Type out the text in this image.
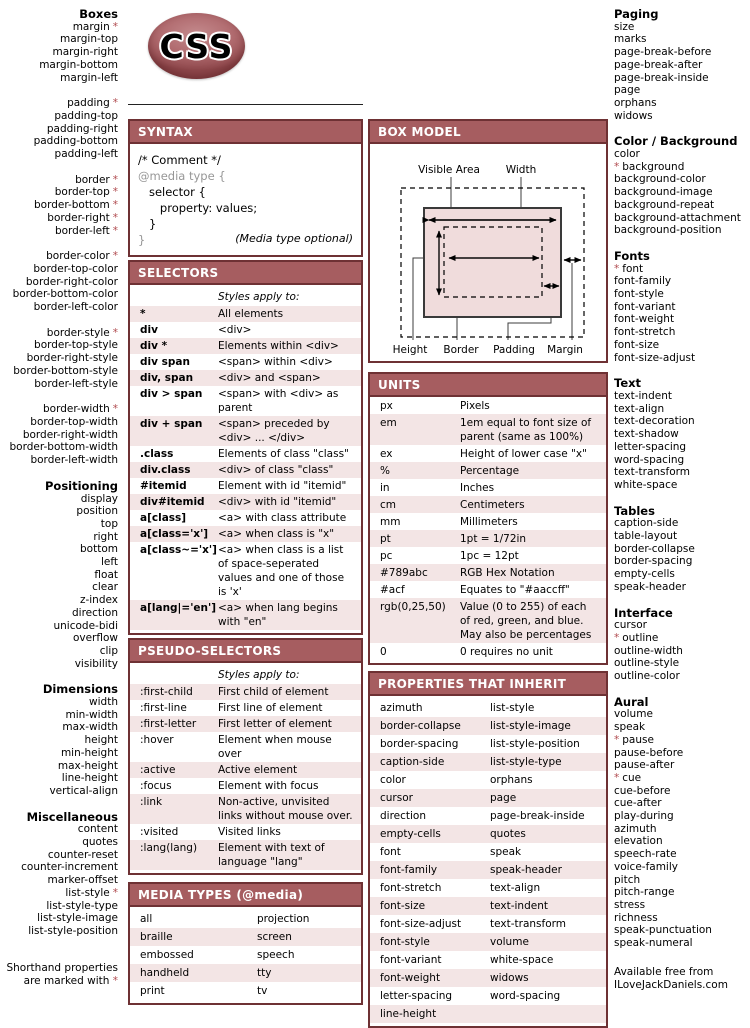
CSS
Boxes
margin *
margin-top
margin-right
margin-bottom
margin-left
padding *
padding-top
padding-right
padding-bottom
padding-left
border *
border-top *
border-bottom *
border-right *
border-left *
border-color *
border-top-color
border-right-color
border-bottom-color
border-left-color
border-style *
border-top-style
border-right-style
border-bottom-style
border-left-style
border-width *
border-top-width
border-right-width
border-bottom-width
border-left-width
Positioning
display
position
top
right
bottom
left
float
clear
z-index
direction
unicode-bidi
overflow
clip
visibility
Dimensions
width
min-width
max-width
height
min-height
max-height
line-height
vertical-align
Miscellaneous
content
quotes
counter-reset
counter-increment
marker-offset
list-style *
list-style-type
list-style-image
list-style-position
Shorthand properties
are marked with *
Paging
size
marks
page-break-before
page-break-after
page-break-inside
page
orphans
widows
Color / Background
color
* background
background-color
background-image
background-repeat
background-attachment
background-position
Fonts
* font
font-family
font-style
font-variant
font-weight
font-stretch
font-size
font-size-adjust
Text
text-indent
text-align
text-decoration
text-shadow
letter-spacing
word-spacing
text-transform
white-space
Tables
caption-side
table-layout
border-collapse
border-spacing
empty-cells
speak-header
Interface
cursor
* outline
outline-width
outline-style
outline-color
Aural
volume
speak
* pause
pause-before
pause-after
* cue
cue-before
cue-after
play-during
azimuth
elevation
speech-rate
voice-family
pitch
pitch-range
stress
richness
speak-punctuation
speak-numeral
Available free from
ILoveJackDaniels.com
SYNTAX
(Media type optional)
/* Comment */
@media type {
selector {
property: values;
}
}
SELECTORS
Styles apply to:
*	All elements
div	<div>
div *	Elements within <div>
div span	<span> within <div>
div, span	<div> and <span>
div > span	<span> with <div> as parent
div + span	<span> preceded by <div> ... </div>
.class	Elements of class "class"
div.class	<div> of class "class"
#itemid	Element with id "itemid"
div#itemid	<div> with id "itemid"
a[class]	<a> with class attribute
a[class='x'] <a> when class is "x"
a[class~='x'] <a> when class is a list of space-seperated values and one of those is 'x'
a[lang|='en'] <a> when lang begins with "en"
PSEUDO-SELECTORS
Styles apply to:
:first-child	First child of element
:first-line	First line of element
:first-letter	First letter of element
:hover	Element when mouse over
:active	Active element
:focus	Element with focus
:link	Non-active, unvisited links without mouse over.
:visited	Visited links
:lang(lang)	Element with text of language "lang"
MEDIA TYPES (@media)
all	projection
braille	screen
embossed	speech
handheld	tty
print	tv
BOX MODEL
Visible Area Width
Height Border Padding Margin
UNITS
px	Pixels
em	1em equal to font size of parent (same as 100%)
ex	Height of lower case "x"
%	Percentage
in	Inches
cm	Centimeters
mm	Millimeters
pt	1pt = 1/72in
pc	1pc = 12pt
#789abc	RGB Hex Notation
#acf	Equates to "#aaccff"
rgb(0,25,50)	Value (0 to 255) of each of red, green, and blue. May also be percentages
0	0 requires no unit
PROPERTIES THAT INHERIT
azimuth	list-style
border-collapse	list-style-image
border-spacing	list-style-position
caption-side	list-style-type
color	orphans
cursor	page
direction	page-break-inside
empty-cells	quotes
font	speak
font-family	speak-header
font-stretch	text-align
font-size	text-indent
font-size-adjust	text-transform
font-style	volume
font-variant	white-space
font-weight	widows
letter-spacing	word-spacing
line-height
